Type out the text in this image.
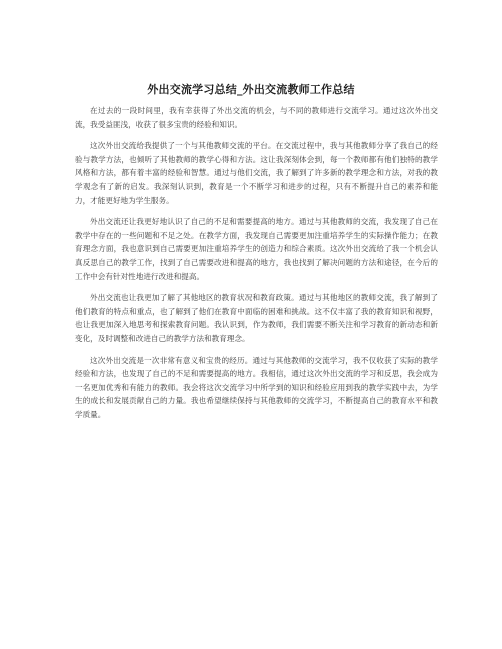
外出交流学习总结_外出交流教师工作总结

在过去的一段时间里，我有幸获得了外出交流的机会，与不同的教师进行交流学习。通过这次外出交流，我受益匪浅，收获了很多宝贵的经验和知识。

这次外出交流给我提供了一个与其他教师交流的平台。在交流过程中，我与其他教师分享了我自己的经验与教学方法，也倾听了其他教师的教学心得和方法。这让我深刻体会到，每一个教师都有他们独特的教学风格和方法，都有着丰富的经验和智慧。通过与他们交流，我了解到了许多新的教学理念和方法，对我的教学观念有了新的启发。我深刻认识到，教育是一个不断学习和进步的过程，只有不断提升自己的素养和能力，才能更好地为学生服务。

外出交流还让我更好地认识了自己的不足和需要提高的地方。通过与其他教师的交流，我发现了自己在教学中存在的一些问题和不足之处。在教学方面，我发现自己需要更加注重培养学生的实际操作能力；在教育理念方面，我也意识到自己需要更加注重培养学生的创造力和综合素质。这次外出交流给了我一个机会认真反思自己的教学工作，找到了自己需要改进和提高的地方，我也找到了解决问题的方法和途径，在今后的工作中会有针对性地进行改进和提高。

外出交流也让我更加了解了其他地区的教育状况和教育政策。通过与其他地区的教师交流，我了解到了他们教育的特点和重点，也了解到了他们在教育中面临的困难和挑战。这不仅丰富了我的教育知识和视野，也让我更加深入地思考和探索教育问题。我认识到，作为教师，我们需要不断关注和学习教育的新动态和新变化，及时调整和改进自己的教学方法和教育理念。

这次外出交流是一次非常有意义和宝贵的经历。通过与其他教师的交流学习，我不仅收获了实际的教学经验和方法，也发现了自己的不足和需要提高的地方。我相信，通过这次外出交流的学习和反思，我会成为一名更加优秀和有能力的教师。我会将这次交流学习中所学到的知识和经验应用到我的教学实践中去，为学生的成长和发展贡献自己的力量。我也希望继续保持与其他教师的交流学习，不断提高自己的教育水平和教学质量。
